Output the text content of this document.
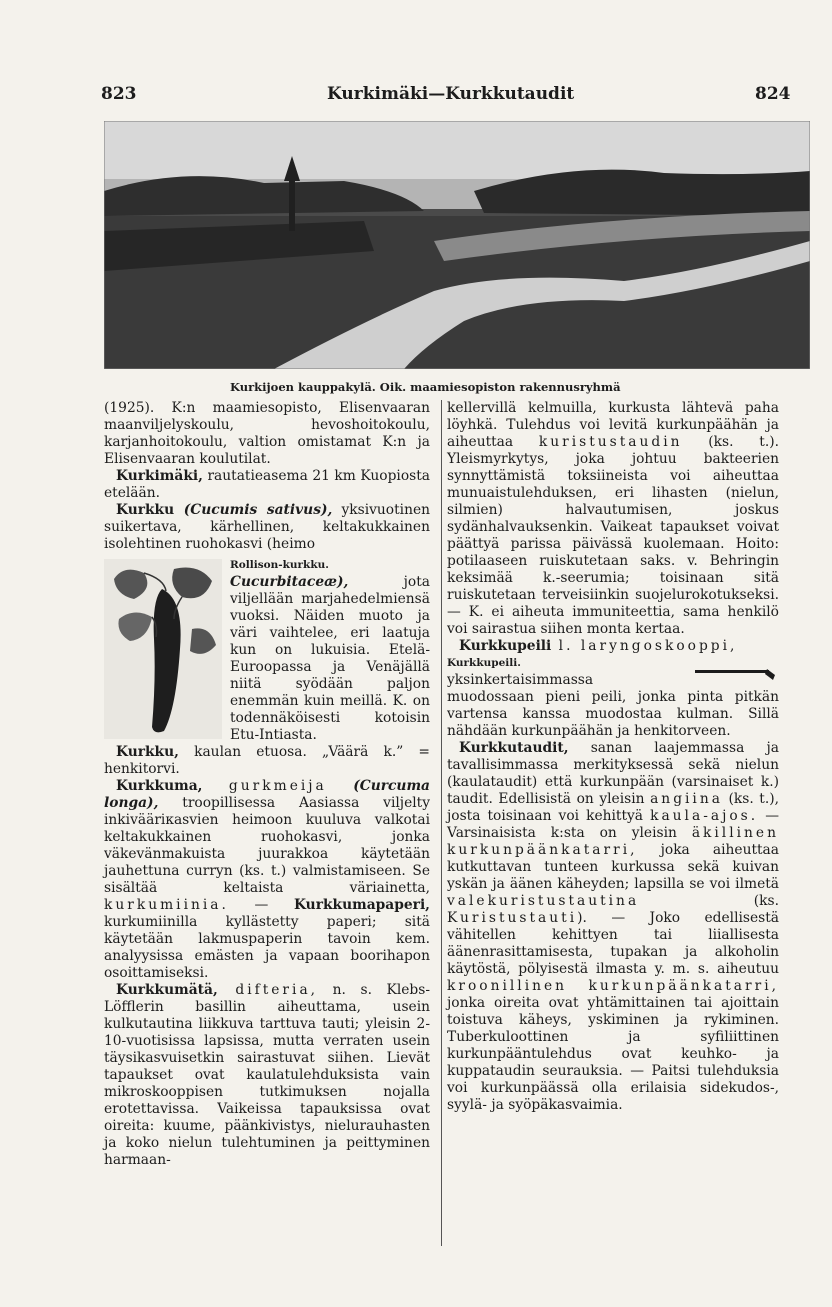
823	Kurkimäki—Kurkkutaudit	824
Kurkijoen kauppakylä. Oik. maamiesopiston rakennusryhmä

(1925). K:n maamiesopisto, Elisenvaaran maanviljelyskoulu, hevoshoitokoulu, karjanhoitokoulu, valtion omistamat K:n ja Elisenvaaran koulutilat.

Kurkimäki, rautatieasema 21 km Kuopiosta etelään.

Kurkku (Cucumis sativus), yksivuotinen suikertava, kärhellinen, keltakukkainen isolehtinen ruohokasvi (heimo

Rollison-kurkku.
Cucurbitaceæ), jota viljellään marjahedelmiensä vuoksi. Näiden muoto ja väri vaihtelee, eri laatuja kun on lukuisia. Etelä-Euroopassa ja Venäjällä niitä syödään paljon enemmän kuin meillä. K. on todennäköisesti kotoisin Etu-Intiasta.

Kurkku, kaulan etuosa. „Väärä k.” = henkitorvi.

Kurkkuma, gurkmeija (Curcuma longa), troopillisessa Aasiassa viljelty inkivääriкasvien heimoon kuuluva valkotai keltakukkainen ruohokasvi, jonka väkevänmakuista juurakkoa käytetään jauhettuna curryn (ks. t.) valmistamiseen. Se sisältää keltaista väriainetta, kurkumiinia. — Kurkkumapaperi, kurkumiinilla kyllästetty paperi; sitä käytetään lakmuspaperin tavoin kem. analyysissa emästen ja vapaan boorihapon osoittamiseksi.

Kurkkumätä, difteria, n. s. Klebs-Löfflerin basillin aiheuttama, usein kulkutautina liikkuva tarttuva tauti; yleisin 2-10-vuotisissa lapsissa, mutta verraten usein täysikasvuisetkin sairastuvat siihen. Lievät tapaukset ovat kaulatulehduksista vain mikroskooppisen tutkimuksen nojalla erotettavissa. Vaikeissa tapauksissa ovat oireita: kuume, päänkivistys, nielurauhasten ja koko nielun tulehtuminen ja peittyminen harmaan-

kellervillä kelmuilla, kurkusta lähtevä paha löyhkä. Tulehdus voi levitä kurkunpäähän ja aiheuttaa kuristustaudin (ks. t.). Yleismyrkytys, joka johtuu bakteerien synnyttämistä toksiineista voi aiheuttaa munuaistulehduksen, eri lihasten (nielun, silmien) halvautumisen, joskus sydänhalvauksenkin. Vaikeat tapaukset voivat päättyä parissa päivässä kuolemaan. Hoito: potilaaseen ruiskutetaan saks. v. Behringin keksimää k.-seerumia; toisinaan sitä ruiskutetaan terveisiinkin suojelurokotukseksi. — K. ei aiheuta immuniteettia, sama henkilö voi sairastua siihen monta kertaa.

Kurkkupeili l. laryngoskooppi,

Kurkkupeili.
yksinkertaisimmassa muodossaan pieni peili, jonka pinta pitkän vartensa kanssa muodostaa kulman. Sillä nähdään kurkunpäähän ja henkitorveen.

Kurkkutaudit, sanan laajemmassa ja tavallisimmassa merkityksessä sekä nielun (kaulataudit) että kurkunpään (varsinaiset k.) taudit. Edellisistä on yleisin angiina (ks. t.), josta toisinaan voi kehittyä kaula-ajos. — Varsinaisista k:sta on yleisin äkillinen kurkunpäänkatarri, joka aiheuttaa kutkuttavan tunteen kurkussa sekä kuivan yskän ja äänen käheyden; lapsilla se voi ilmetä valekuristustautina (ks. Kuristustauti). — Joko edellisestä vähitellen kehittyen tai liiallisesta äänenrasittamisesta, tupakan ja alkoholin käytöstä, pölyisestä ilmasta y. m. s. aiheutuu kroonillinen kurkunpäänkatarri, jonka oireita ovat yhtämittainen tai ajoittain toistuva käheys, yskiminen ja rykiminen. Tuberkuloottinen ja syfiliittinen kurkunpääntulehdus ovat keuhko- ja kuppataudin seurauksia. — Paitsi tulehduksia voi kurkunpäässä olla erilaisia sidekudos-, syylä- ja syöpäkasvaimia.
